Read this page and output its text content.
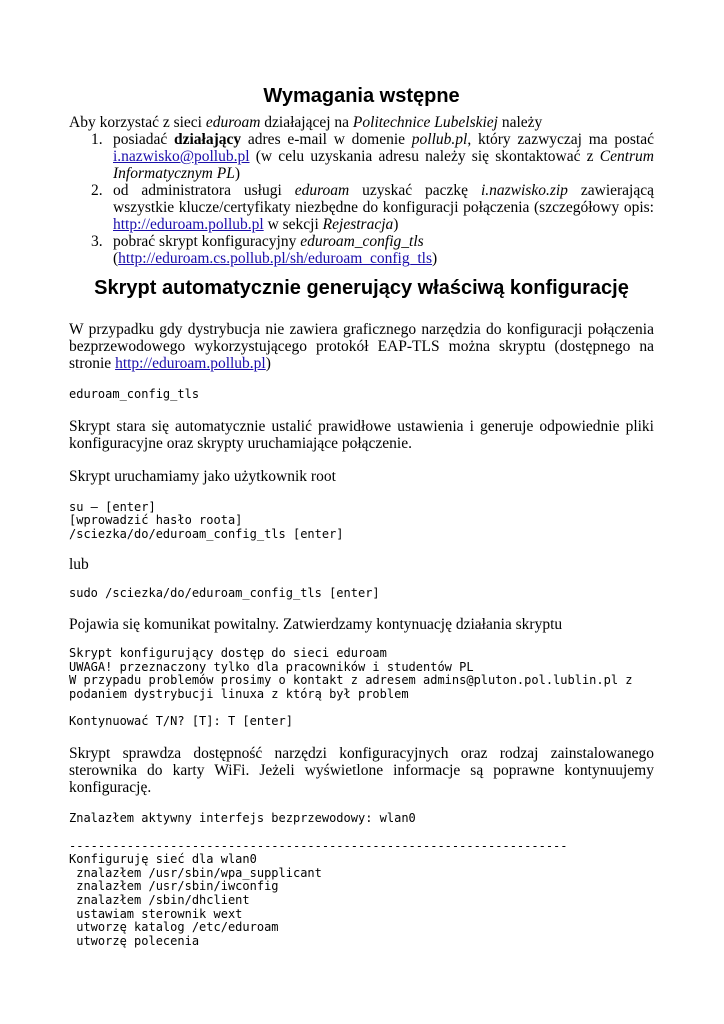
Wymagania wstępne

Aby korzystać z sieci eduroam działającej na Politechnice Lubelskiej należy

1. posiadać działający adres e-mail w domenie pollub.pl, który zazwyczaj ma postać i.nazwisko@pollub.pl (w celu uzyskania adresu należy się skontaktować z Centrum Informatycznym PL)
2. od administratora usługi eduroam uzyskać paczkę i.nazwisko.zip zawierającą wszystkie klucze/certyfikaty niezbędne do konfiguracji połączenia (szczegółowy opis: http://eduroam.pollub.pl w sekcji Rejestracja)
3. pobrać skrypt konfiguracyjny eduroam_config_tls
(http://eduroam.cs.pollub.pl/sh/eduroam_config_tls)
Skrypt automatycznie generujący właściwą konfigurację

W przypadku gdy dystrybucja nie zawiera graficznego narzędzia do konfiguracji połączenia bezprzewodowego wykorzystującego protokół EAP-TLS można skryptu (dostępnego na stronie http://eduroam.pollub.pl)

eduroam_config_tls

Skrypt stara się automatycznie ustalić prawidłowe ustawienia i generuje odpowiednie pliki konfiguracyjne oraz skrypty uruchamiające połączenie.

Skrypt uruchamiamy jako użytkownik root

su – [enter]
[wprowadzić hasło roota]
/sciezka/do/eduroam_config_tls [enter]

lub

sudo /sciezka/do/eduroam_config_tls [enter]

Pojawia się komunikat powitalny. Zatwierdzamy kontynuację działania skryptu

Skrypt konfigurujący dostęp do sieci eduroam
UWAGA! przeznaczony tylko dla pracowników i studentów PL
W przypadu problemów prosimy o kontakt z adresem admins@pluton.pol.lublin.pl z
podaniem dystrybucji linuxa z którą był problem
Kontynuować T/N? [T]: T [enter]

Skrypt sprawdza dostępność narzędzi konfiguracyjnych oraz rodzaj zainstalowanego sterownika do karty WiFi. Jeżeli wyświetlone informacje są poprawne kontynuujemy konfigurację.

Znalazłem aktywny interfejs bezprzewodowy: wlan0
---------------------------------------------------------------------
Konfiguruję sieć dla wlan0
znalazłem /usr/sbin/wpa_supplicant
znalazłem /usr/sbin/iwconfig
znalazłem /sbin/dhclient
ustawiam sterownik wext
utworzę katalog /etc/eduroam
utworzę polecenia
